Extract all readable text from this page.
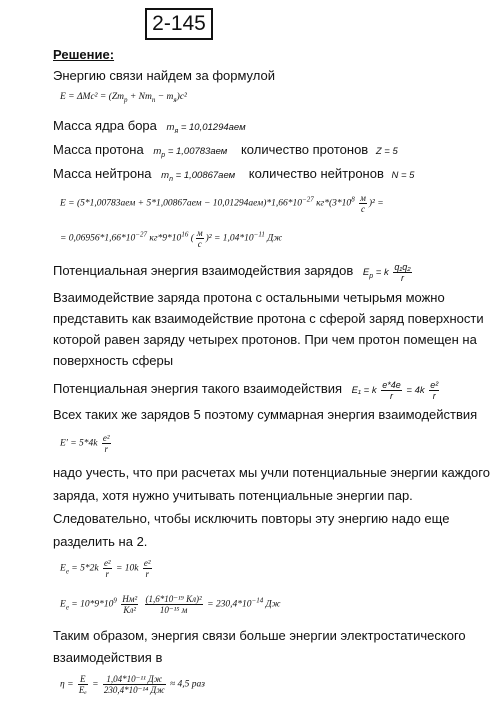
2-145
Решение:
Энергию связи найдем за формулой
$E = \Delta Mc^2 = (Zm_p + Nm_n - m_я)c^2$
Масса ядра бора $m_я = 10,01294аем$
Масса протона $m_p = 1,00783аем$ количество протонов Z = 5
Масса нейтрона $m_n = 1,00867аем$ количество нейтронов N = 5
$E = (5*1,00783аем + 5*1,00867аем - 10,01294аем)*1,66*10^{-27}$ $кг*(3*10^8 \frac{м}{с} )^2$ =
= $0,06956*1,66*10^{-27}$ $кг*9*10^{16}$ ( $\frac{м}{с} )^2 = 1,04*10^{-11}$ Дж
Потенциальная энергия взаимодействия зарядов $E_p = k \frac{\text{q₁q₂}}{r}$
Взаимодействие заряда протона с остальными четырьмя можно
представить как взаимодействие протона с сферой заряд поверхности
которой равен заряду четырех протонов. При чем протон помещен на
поверхность сферы
Потенциальная энергия такого взаимодействия E₁ = k $\frac{e*4e}{r} = 4k \frac{\text{e²}}{r}$
Всех таких же зарядов 5 поэтому суммарная энергия взаимодействия
$E' = 5*4k \frac{\text{e²}}{r}$
надо учесть, что при расчетах мы учли потенциальные энергии каждого
заряда, хотя нужно учитывать потенциальные энергии пар.
Следовательно, чтобы исключить повторы эту энергию надо еще
разделить на 2.
$E_e = 5*2k \frac{\text{e²}}{r} = 10k \frac{\text{e²}}{r}$
$E_e = 10*9*10^9 \frac{\text{Нм²}}{\text{Кл²}}$
$\frac{\text{(1,6*10⁻¹⁹ Кл)²}}{\text{10⁻¹⁵ м}} = 230,4*10^{-14}$ Дж
Таким образом, энергия связи больше энергии электростатического
взаимодействия в
$\eta = \frac{E}{\text{Eₑ}} = \frac{\text{1,04*10⁻¹¹ Дж}}{\text{230,4*10⁻¹⁴ Дж}} \approx 4,5$ раз
